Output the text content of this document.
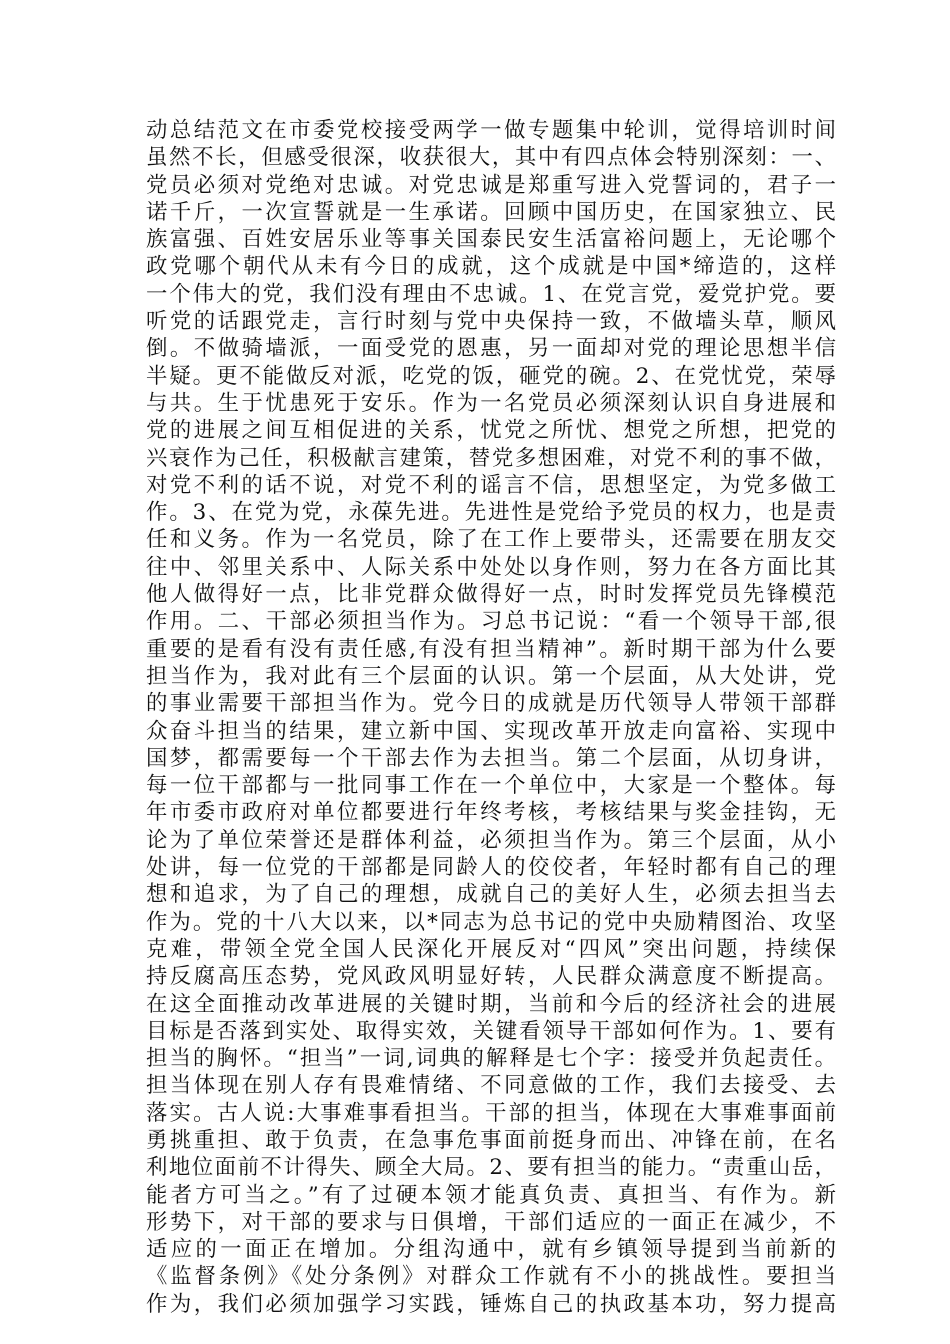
动总结范文在市委党校接受两学一做专题集中轮训，觉得培训时间
虽然不长，但感受很深，收获很大，其中有四点体会特别深刻：一、
党员必须对党绝对忠诚。对党忠诚是郑重写进入党誓词的，君子一
诺千斤，一次宣誓就是一生承诺。回顾中国历史，在国家独立、民
族富强、百姓安居乐业等事关国泰民安生活富裕问题上，无论哪个
政党哪个朝代从未有今日的成就，这个成就是中国*缔造的，这样
一个伟大的党，我们没有理由不忠诚。1、在党言党，爱党护党。要
听党的话跟党走，言行时刻与党中央保持一致，不做墙头草，顺风
倒。不做骑墙派，一面受党的恩惠，另一面却对党的理论思想半信
半疑。更不能做反对派，吃党的饭，砸党的碗。2、在党忧党，荣辱
与共。生于忧患死于安乐。作为一名党员必须深刻认识自身进展和
党的进展之间互相促进的关系，忧党之所忧、想党之所想，把党的
兴衰作为己任，积极献言建策，替党多想困难，对党不利的事不做，
对党不利的话不说，对党不利的谣言不信，思想坚定，为党多做工
作。3、在党为党，永葆先进。先进性是党给予党员的权力，也是责
任和义务。作为一名党员，除了在工作上要带头，还需要在朋友交
往中、邻里关系中、人际关系中处处以身作则，努力在各方面比其
他人做得好一点，比非党群众做得好一点，时时发挥党员先锋模范
作用。二、干部必须担当作为。习总书记说：“看一个领导干部,很
重要的是看有没有责任感,有没有担当精神”。新时期干部为什么要
担当作为，我对此有三个层面的认识。第一个层面，从大处讲，党
的事业需要干部担当作为。党今日的成就是历代领导人带领干部群
众奋斗担当的结果，建立新中国、实现改革开放走向富裕、实现中
国梦，都需要每一个干部去作为去担当。第二个层面，从切身讲，
每一位干部都与一批同事工作在一个单位中，大家是一个整体。每
年市委市政府对单位都要进行年终考核，考核结果与奖金挂钩，无
论为了单位荣誉还是群体利益，必须担当作为。第三个层面，从小
处讲，每一位党的干部都是同龄人的佼佼者，年轻时都有自己的理
想和追求，为了自己的理想，成就自己的美好人生，必须去担当去
作为。党的十八大以来，以*同志为总书记的党中央励精图治、攻坚
克难，带领全党全国人民深化开展反对“四风”突出问题，持续保
持反腐高压态势，党风政风明显好转，人民群众满意度不断提高。
在这全面推动改革进展的关键时期，当前和今后的经济社会的进展
目标是否落到实处、取得实效，关键看领导干部如何作为。1、要有
担当的胸怀。“担当”一词,词典的解释是七个字：接受并负起责任。
担当体现在别人存有畏难情绪、不同意做的工作，我们去接受、去
落实。古人说:大事难事看担当。干部的担当，体现在大事难事面前
勇挑重担、敢于负责，在急事危事面前挺身而出、冲锋在前，在名
利地位面前不计得失、顾全大局。2、要有担当的能力。“责重山岳，
能者方可当之。”有了过硬本领才能真负责、真担当、有作为。新
形势下，对干部的要求与日俱增，干部们适应的一面正在减少，不
适应的一面正在增加。分组沟通中，就有乡镇领导提到当前新的
《监督条例》《处分条例》对群众工作就有不小的挑战性。要担当
作为，我们必须加强学习实践，锤炼自己的执政基本功，努力提高
